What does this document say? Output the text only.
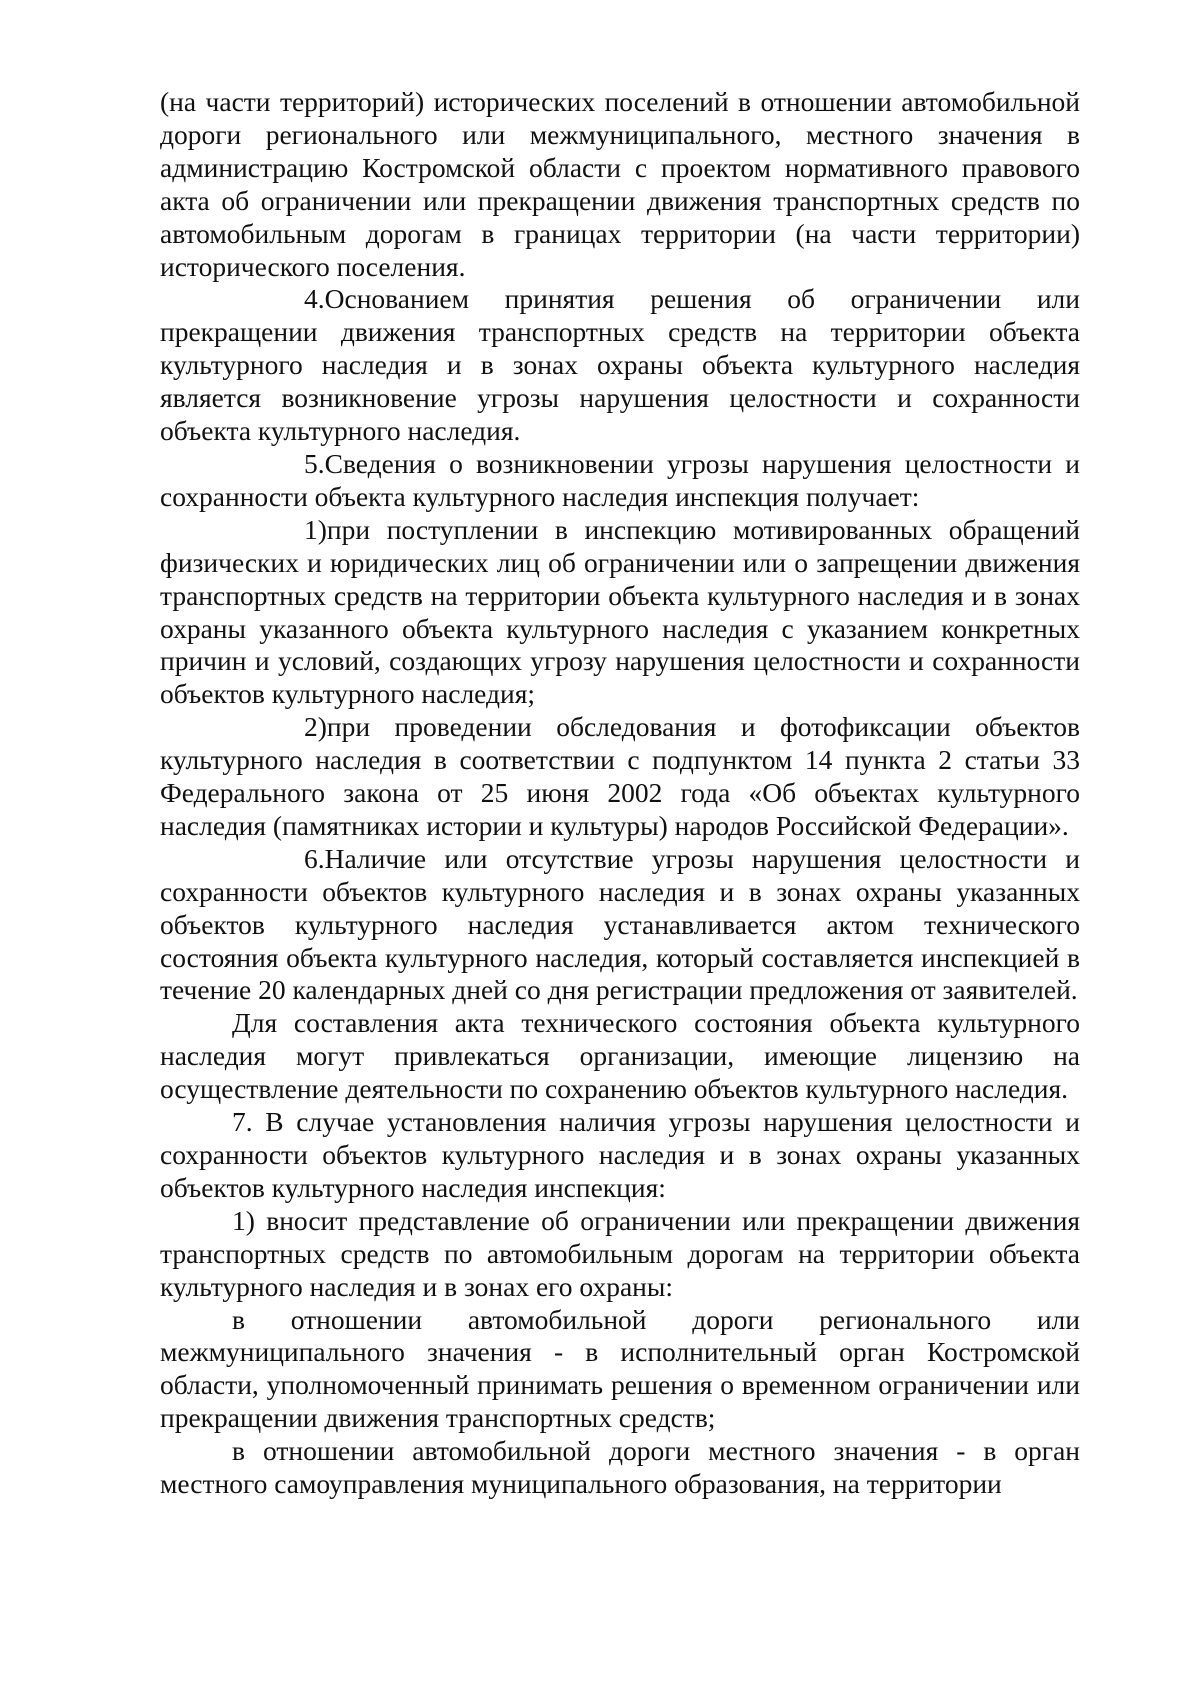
(на части территорий) исторических поселений в отношении автомобильной дороги регионального или межмуниципального, местного значения в администрацию Костромской области с проектом нормативного правового акта об ограничении или прекращении движения транспортных средств по автомобильным дорогам в границах территории (на части территории) исторического поселения.

4.Основанием принятия решения об ограничении или прекращении движения транспортных средств на территории объекта культурного наследия и в зонах охраны объекта культурного наследия является возникновение угрозы нарушения целостности и сохранности объекта культурного наследия.

5.Сведения о возникновении угрозы нарушения целостности и сохранности объекта культурного наследия инспекция получает:

1)при поступлении в инспекцию мотивированных обращений физических и юридических лиц об ограничении или о запрещении движения транспортных средств на территории объекта культурного наследия и в зонах охраны указанного объекта культурного наследия с указанием конкретных причин и условий, создающих угрозу нарушения целостности и сохранности объектов культурного наследия;

2)при проведении обследования и фотофиксации объектов культурного наследия в соответствии с подпунктом 14 пункта 2 статьи 33 Федерального закона от 25 июня 2002 года «Об объектах культурного наследия (памятниках истории и культуры) народов Российской Федерации».

6.Наличие или отсутствие угрозы нарушения целостности и сохранности объектов культурного наследия и в зонах охраны указанных объектов культурного наследия устанавливается актом технического состояния объекта культурного наследия, который составляется инспекцией в течение 20 календарных дней со дня регистрации предложения от заявителей.

Для составления акта технического состояния объекта культурного наследия могут привлекаться организации, имеющие лицензию на осуществление деятельности по сохранению объектов культурного наследия.

7. В случае установления наличия угрозы нарушения целостности и сохранности объектов культурного наследия и в зонах охраны указанных объектов культурного наследия инспекция:

1) вносит представление об ограничении или прекращении движения транспортных средств по автомобильным дорогам на территории объекта культурного наследия и в зонах его охраны:

в отношении автомобильной дороги регионального или межмуниципального значения - в исполнительный орган Костромской области, уполномоченный принимать решения о временном ограничении или прекращении движения транспортных средств;

в отношении автомобильной дороги местного значения - в орган местного самоуправления муниципального образования, на территории
